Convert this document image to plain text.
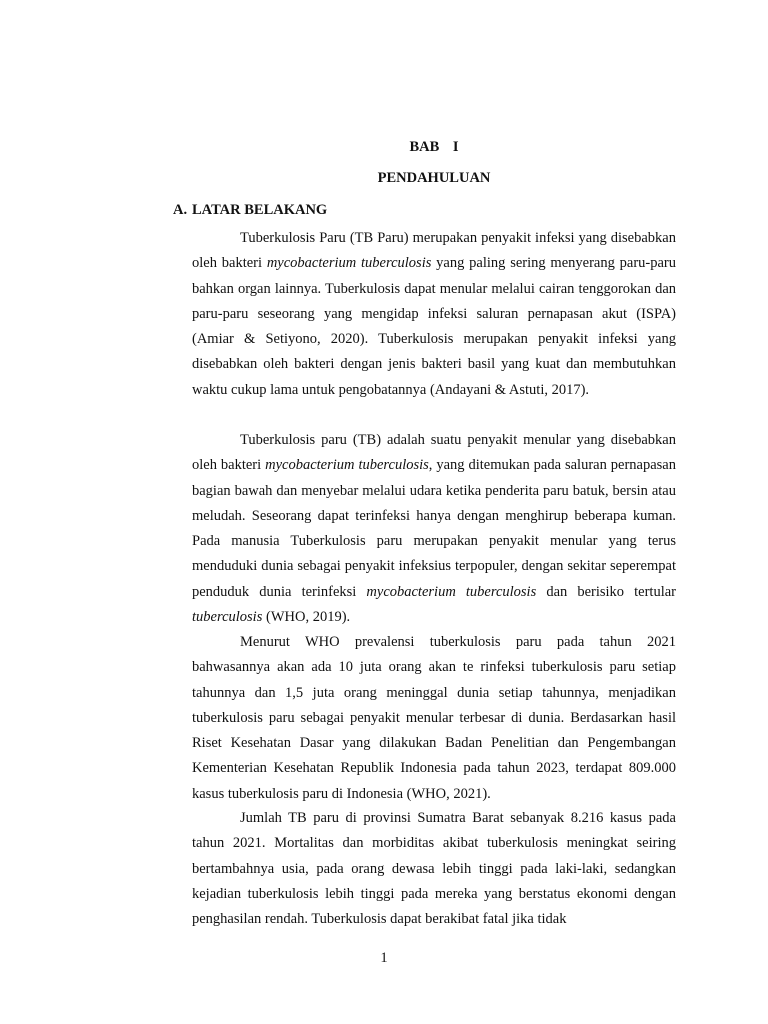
BAB I
PENDAHULUAN
A. LATAR BELAKANG

Tuberkulosis Paru (TB Paru) merupakan penyakit infeksi yang disebabkan oleh bakteri mycobacterium tuberculosis yang paling sering menyerang paru-paru bahkan organ lainnya. Tuberkulosis dapat menular melalui cairan tenggorokan dan paru-paru seseorang yang mengidap infeksi saluran pernapasan akut (ISPA) (Amiar & Setiyono, 2020). Tuberkulosis merupakan penyakit infeksi yang disebabkan oleh bakteri dengan jenis bakteri basil yang kuat dan membutuhkan waktu cukup lama untuk pengobatannya (Andayani & Astuti, 2017).

Tuberkulosis paru (TB) adalah suatu penyakit menular yang disebabkan oleh bakteri mycobacterium tuberculosis, yang ditemukan pada saluran pernapasan bagian bawah dan menyebar melalui udara ketika penderita paru batuk, bersin atau meludah. Seseorang dapat terinfeksi hanya dengan menghirup beberapa kuman. Pada manusia Tuberkulosis paru merupakan penyakit menular yang terus menduduki dunia sebagai penyakit infeksius terpopuler, dengan sekitar seperempat penduduk dunia terinfeksi mycobacterium tuberculosis dan berisiko tertular tuberculosis (WHO, 2019).

Menurut WHO prevalensi tuberkulosis paru pada tahun 2021 bahwasannya akan ada 10 juta orang akan te rinfeksi tuberkulosis paru setiap tahunnya dan 1,5 juta orang meninggal dunia setiap tahunnya, menjadikan tuberkulosis paru sebagai penyakit menular terbesar di dunia. Berdasarkan hasil Riset Kesehatan Dasar yang dilakukan Badan Penelitian dan Pengembangan Kementerian Kesehatan Republik Indonesia pada tahun 2023, terdapat 809.000 kasus tuberkulosis paru di Indonesia (WHO, 2021).

Jumlah TB paru di provinsi Sumatra Barat sebanyak 8.216 kasus pada tahun 2021. Mortalitas dan morbiditas akibat tuberkulosis meningkat seiring bertambahnya usia, pada orang dewasa lebih tinggi pada laki-laki, sedangkan kejadian tuberkulosis lebih tinggi pada mereka yang berstatus ekonomi dengan penghasilan rendah. Tuberkulosis dapat berakibat fatal jika tidak

1
